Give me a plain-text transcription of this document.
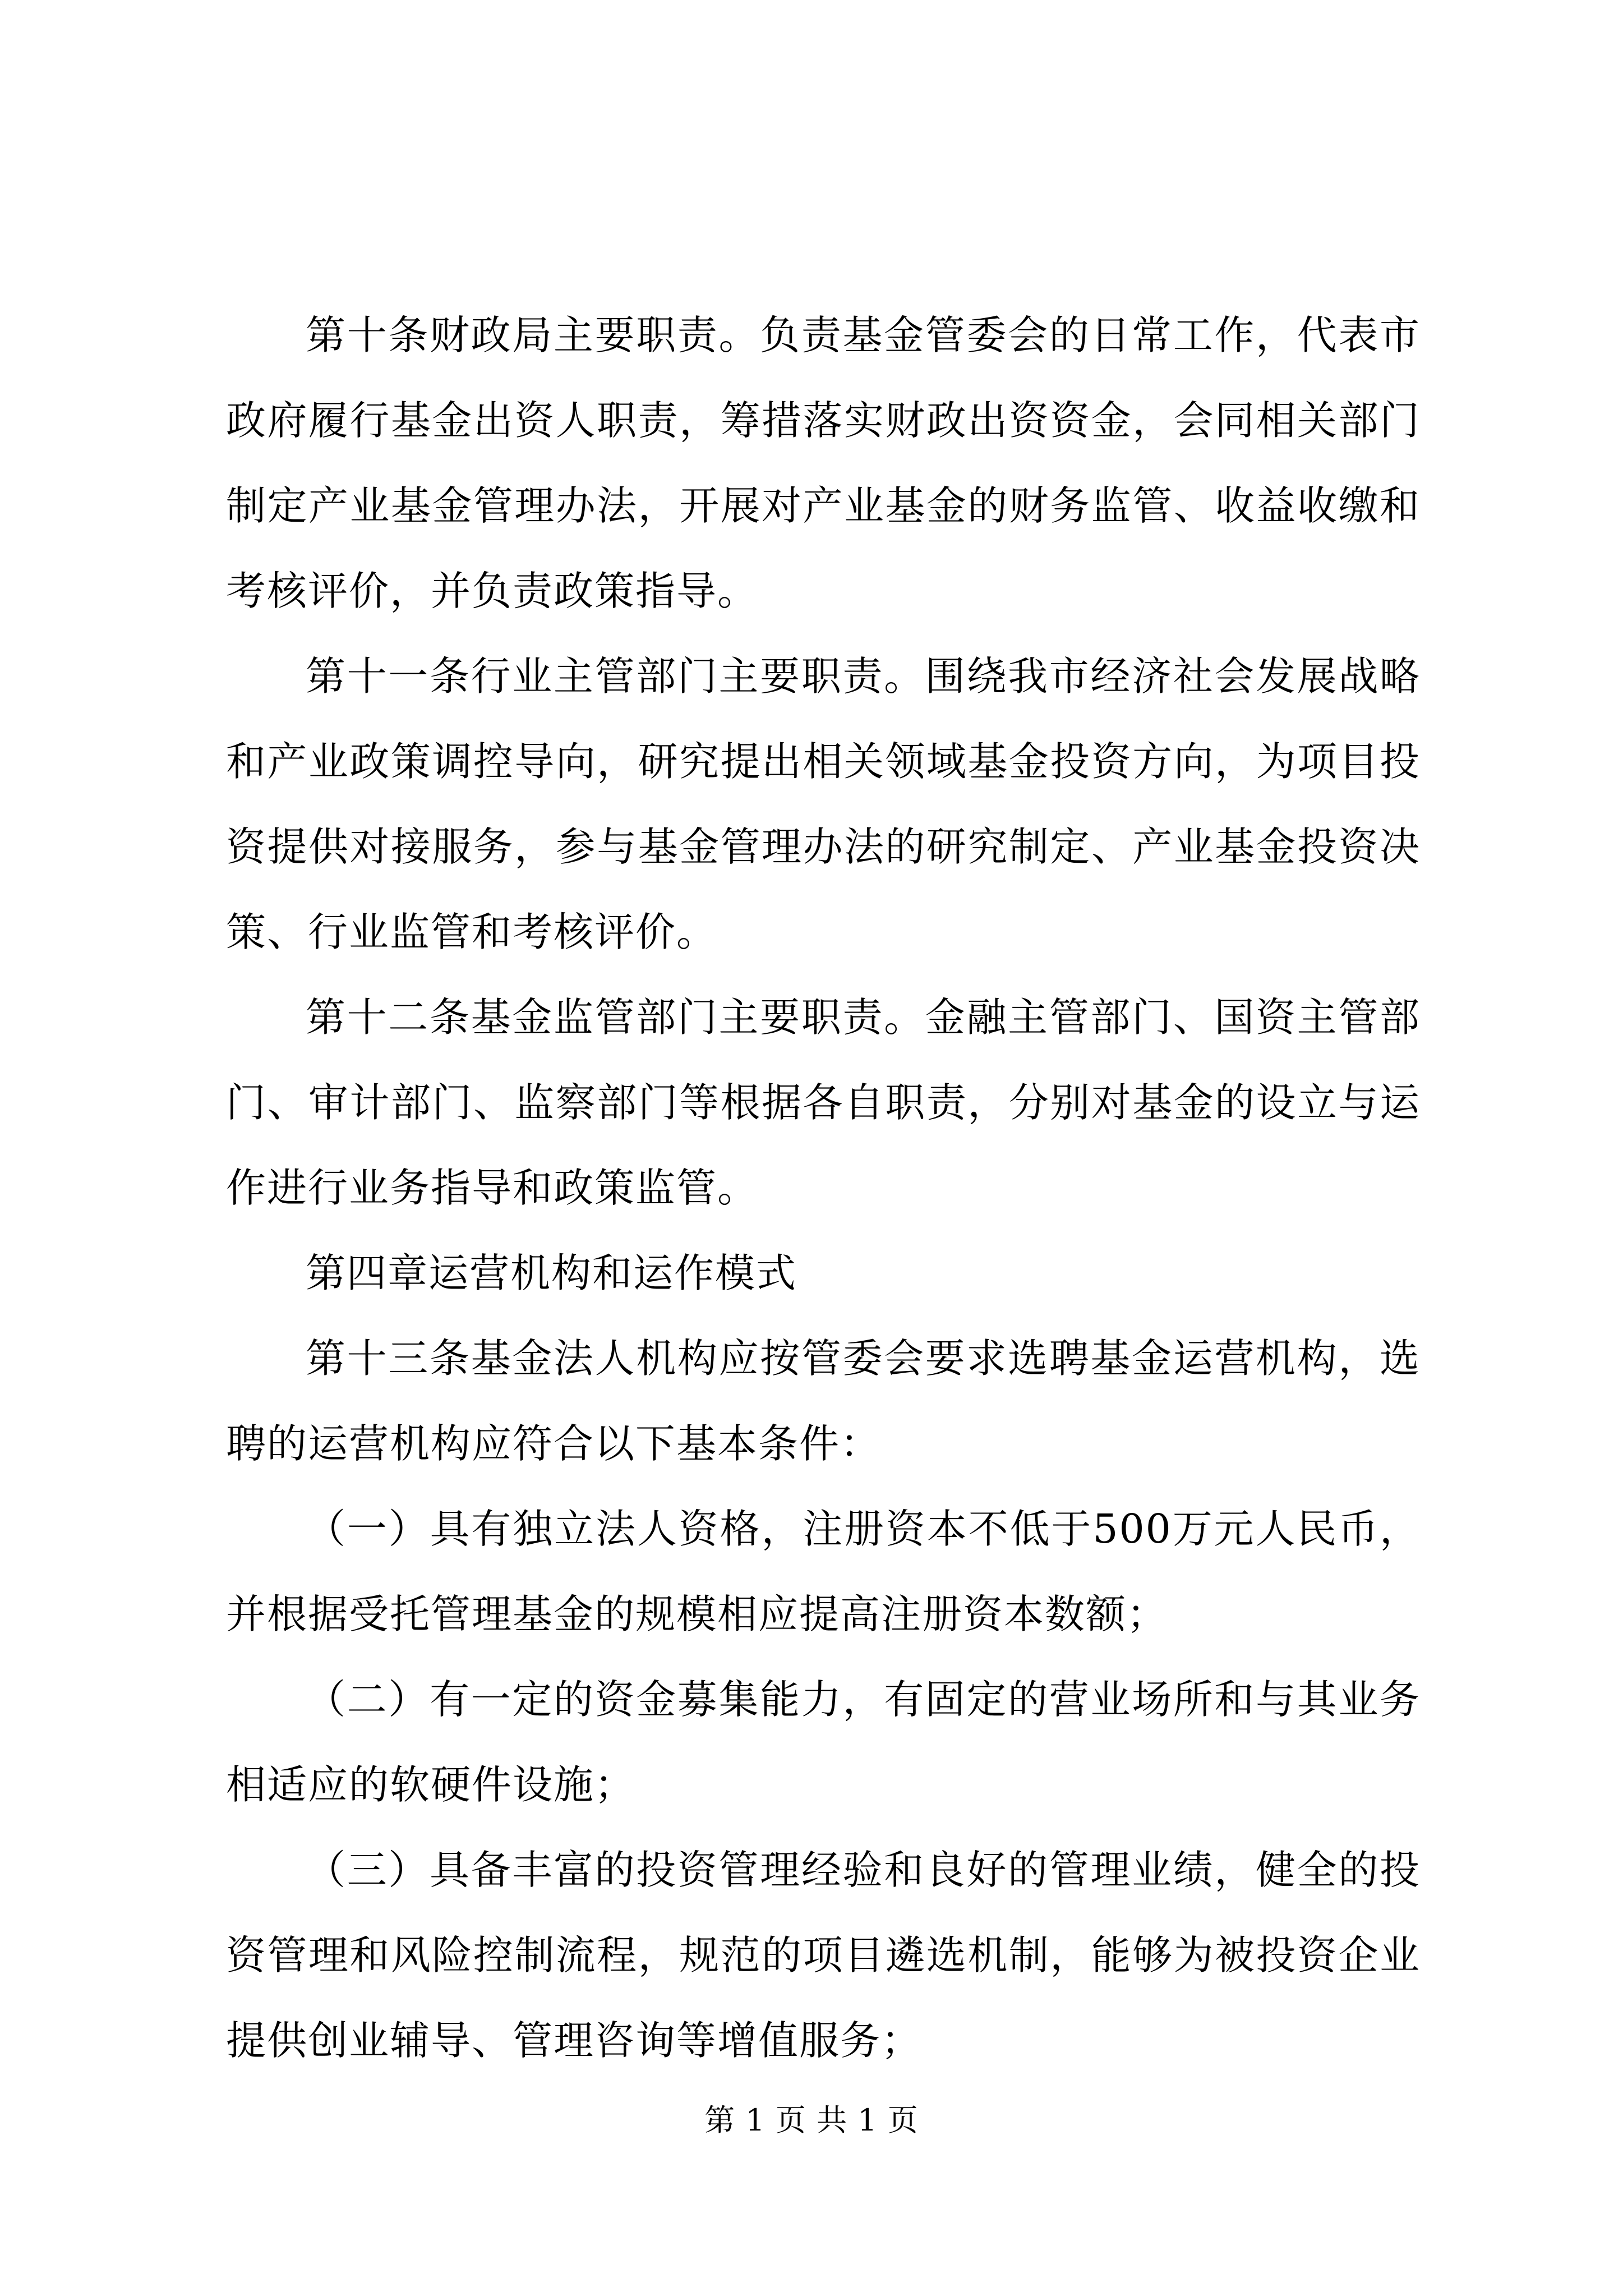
第十条财政局主要职责。负责基金管委会的日常工作，代表市政府履行基金出资人职责，筹措落实财政出资资金，会同相关部门制定产业基金管理办法，开展对产业基金的财务监管、收益收缴和考核评价，并负责政策指导。

第十一条行业主管部门主要职责。围绕我市经济社会发展战略和产业政策调控导向，研究提出相关领域基金投资方向，为项目投资提供对接服务，参与基金管理办法的研究制定、产业基金投资决策、行业监管和考核评价。

第十二条基金监管部门主要职责。金融主管部门、国资主管部门、审计部门、监察部门等根据各自职责，分别对基金的设立与运作进行业务指导和政策监管。

第四章运营机构和运作模式

第十三条基金法人机构应按管委会要求选聘基金运营机构，选聘的运营机构应符合以下基本条件：

（一）具有独立法人资格，注册资本不低于500万元人民币，并根据受托管理基金的规模相应提高注册资本数额；

（二）有一定的资金募集能力，有固定的营业场所和与其业务相适应的软硬件设施；

（三）具备丰富的投资管理经验和良好的管理业绩，健全的投资管理和风险控制流程，规范的项目遴选机制，能够为被投资企业提供创业辅导、管理咨询等增值服务；

第 1 页 共 1 页
